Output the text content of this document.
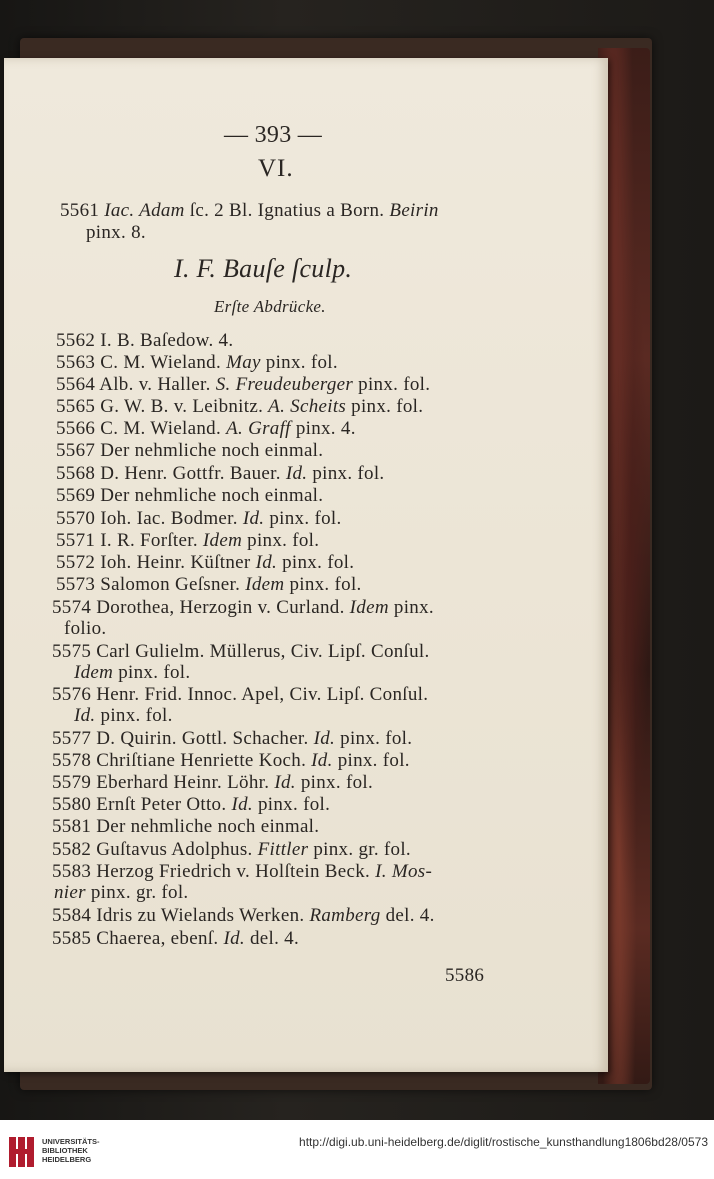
— 393 —
VI.
5561 Iac. Adam ſc. 2 Bl. Ignatius a Born. Beirin
pinx. 8.
I. F. Bauſe ſculp.
Erſte Abdrücke.
5562 I. B. Baſedow. 4.
5563 C. M. Wieland. May pinx. fol.
5564 Alb. v. Haller. S. Freudeuberger pinx. fol.
5565 G. W. B. v. Leibnitz. A. Scheits pinx. fol.
5566 C. M. Wieland. A. Graff pinx. 4.
5567 Der nehmliche noch einmal.
5568 D. Henr. Gottfr. Bauer. Id. pinx. fol.
5569 Der nehmliche noch einmal.
5570 Ioh. Iac. Bodmer. Id. pinx. fol.
5571 I. R. Forſter. Idem pinx. fol.
5572 Ioh. Heinr. Küſtner Id. pinx. fol.
5573 Salomon Geſsner. Idem pinx. fol.
5574 Dorothea, Herzogin v. Curland. Idem pinx.
folio.
5575 Carl Gulielm. Müllerus, Civ. Lipſ. Conſul.
Idem pinx. fol.
5576 Henr. Frid. Innoc. Apel, Civ. Lipſ. Conſul.
Id. pinx. fol.
5577 D. Quirin. Gottl. Schacher. Id. pinx. fol.
5578 Chriſtiane Henriette Koch. Id. pinx. fol.
5579 Eberhard Heinr. Löhr. Id. pinx. fol.
5580 Ernſt Peter Otto. Id. pinx. fol.
5581 Der nehmliche noch einmal.
5582 Guſtavus Adolphus. Fittler pinx. gr. fol.
5583 Herzog Friedrich v. Holſtein Beck. I. Mos-
nier pinx. gr. fol.
5584 Idris zu Wielands Werken. Ramberg del. 4.
5585 Chaerea, ebenſ. Id. del. 4.
5586
UNIVERSITÄTS-
BIBLIOTHEK
HEIDELBERG
http://digi.ub.uni-heidelberg.de/diglit/rostische_kunsthandlung1806bd28/0573
